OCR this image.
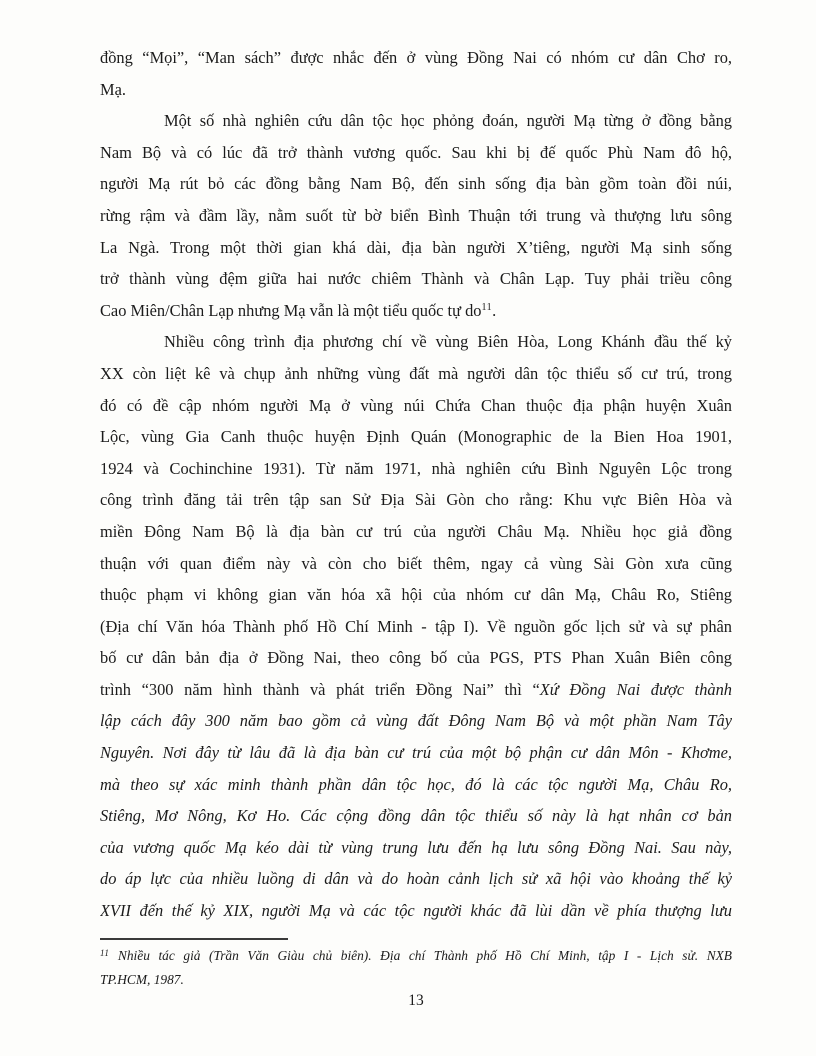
đồng “Mọi”, “Man sách” được nhắc đến ở vùng Đồng Nai có nhóm cư dân Chơ ro,
Mạ.
Một số nhà nghiên cứu dân tộc học phỏng đoán, người Mạ từng ở đồng bằng
Nam Bộ và có lúc đã trở thành vương quốc. Sau khi bị đế quốc Phù Nam đô hộ,
người Mạ rút bỏ các đồng bằng Nam Bộ, đến sinh sống địa bàn gồm toàn đồi núi,
rừng rậm và đầm lầy, nằm suốt từ bờ biển Bình Thuận tới trung và thượng lưu sông
La Ngà. Trong một thời gian khá dài, địa bàn người X’tiêng, người Mạ sinh sống
trở thành vùng đệm giữa hai nước chiêm Thành và Chân Lạp. Tuy phải triều công
Cao Miên/Chân Lạp nhưng Mạ vẫn là một tiểu quốc tự $do^{11}$.
Nhiều công trình địa phương chí về vùng Biên Hòa, Long Khánh đầu thế kỷ
XX còn liệt kê và chụp ảnh những vùng đất mà người dân tộc thiểu số cư trú, trong
đó có đề cập nhóm người Mạ ở vùng núi Chứa Chan thuộc địa phận huyện Xuân
Lộc, vùng Gia Canh thuộc huyện Định Quán (Monographic de la Bien Hoa 1901,
1924 và Cochinchine 1931). Từ năm 1971, nhà nghiên cứu Bình Nguyên Lộc trong
công trình đăng tải trên tập san Sử Địa Sài Gòn cho rằng: Khu vực Biên Hòa và
miền Đông Nam Bộ là địa bàn cư trú của người Châu Mạ. Nhiều học giả đồng
thuận với quan điểm này và còn cho biết thêm, ngay cả vùng Sài Gòn xưa cũng
thuộc phạm vi không gian văn hóa xã hội của nhóm cư dân Mạ, Châu Ro, Stiêng
(Địa chí Văn hóa Thành phố Hồ Chí Minh - tập I). Về nguồn gốc lịch sử và sự phân
bố cư dân bản địa ở Đồng Nai, theo công bố của PGS, PTS Phan Xuân Biên công
trình “300 năm hình thành và phát triển Đồng Nai” thì “Xứ Đồng Nai được thành
lập cách đây 300 năm bao gồm cả vùng đất Đông Nam Bộ và một phần Nam Tây
Nguyên. Nơi đây từ lâu đã là địa bàn cư trú của một bộ phận cư dân Môn - Khơme,
mà theo sự xác minh thành phần dân tộc học, đó là các tộc người Mạ, Châu Ro,
Stiêng, Mơ Nông, Kơ Ho. Các cộng đồng dân tộc thiểu số này là hạt nhân cơ bản
của vương quốc Mạ kéo dài từ vùng trung lưu đến hạ lưu sông Đồng Nai. Sau này,
do áp lực của nhiều luồng di dân và do hoàn cảnh lịch sử xã hội vào khoảng thế kỷ
XVII đến thế kỷ XIX, người Mạ và các tộc người khác đã lùi dần về phía thượng lưu
$^{11}$ Nhiều tác giả (Trần Văn Giàu chủ biên). Địa chí Thành phố Hồ Chí Minh, tập I - Lịch sử. NXB
TP.HCM, 1987.
13
